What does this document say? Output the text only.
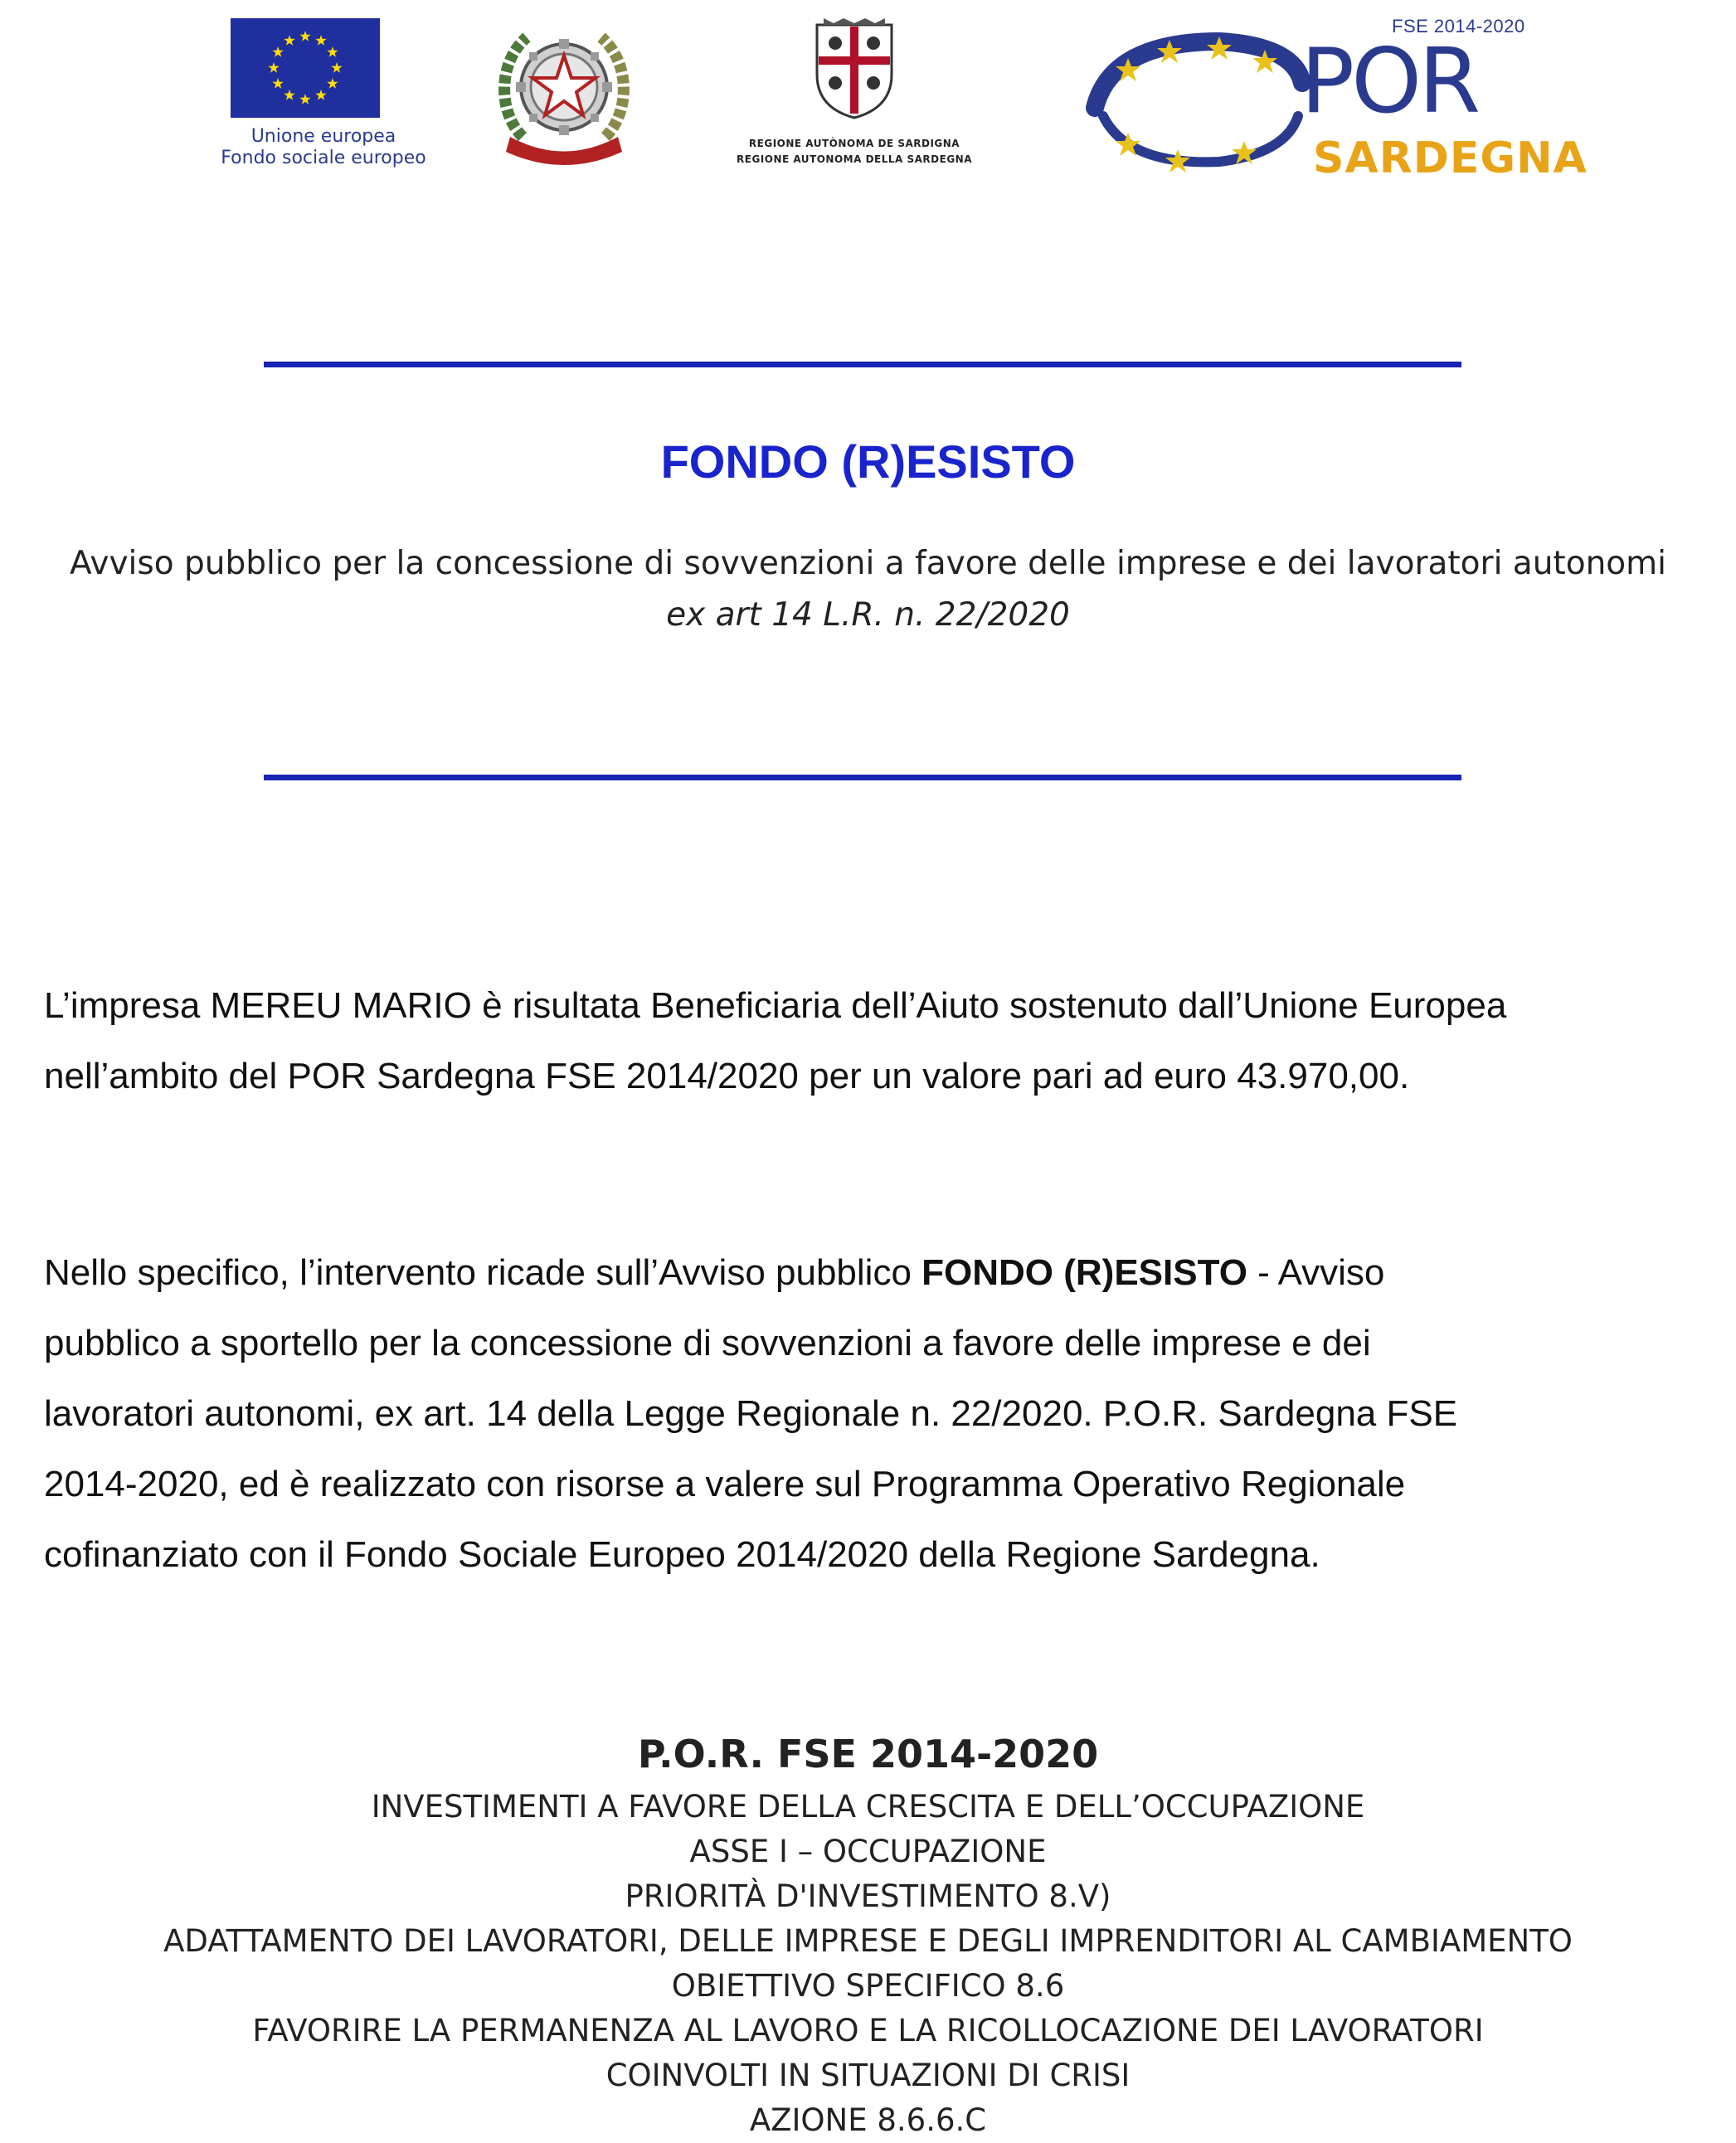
Unione europea
Fondo sociale europeo
REGIONE AUTÒNOMA DE SARDIGNA
REGIONE AUTONOMA DELLA SARDEGNA
FSE 2014-2020
POR
SARDEGNA
FONDO (R)ESISTO
Avviso pubblico per la concessione di sovvenzioni a favore delle imprese e dei lavoratori autonomi
ex art 14 L.R. n. 22/2020
L’impresa MEREU MARIO è risultata Beneficiaria dell’Aiuto sostenuto dall’Unione Europea
nell’ambito del POR Sardegna FSE 2014/2020 per un valore pari ad euro 43.970,00.
Nello specifico, l’intervento ricade sull’Avviso pubblico FONDO (R)ESISTO - Avviso
pubblico a sportello per la concessione di sovvenzioni a favore delle imprese e dei
lavoratori autonomi, ex art. 14 della Legge Regionale n. 22/2020. P.O.R. Sardegna FSE
2014-2020, ed è realizzato con risorse a valere sul Programma Operativo Regionale
cofinanziato con il Fondo Sociale Europeo 2014/2020 della Regione Sardegna.
P.O.R. FSE 2014-2020
INVESTIMENTI A FAVORE DELLA CRESCITA E DELL’OCCUPAZIONE
ASSE I – OCCUPAZIONE
PRIORITÀ D'INVESTIMENTO 8.V)
ADATTAMENTO DEI LAVORATORI, DELLE IMPRESE E DEGLI IMPRENDITORI AL CAMBIAMENTO
OBIETTIVO SPECIFICO 8.6
FAVORIRE LA PERMANENZA AL LAVORO E LA RICOLLOCAZIONE DEI LAVORATORI
COINVOLTI IN SITUAZIONI DI CRISI
AZIONE 8.6.6.C
